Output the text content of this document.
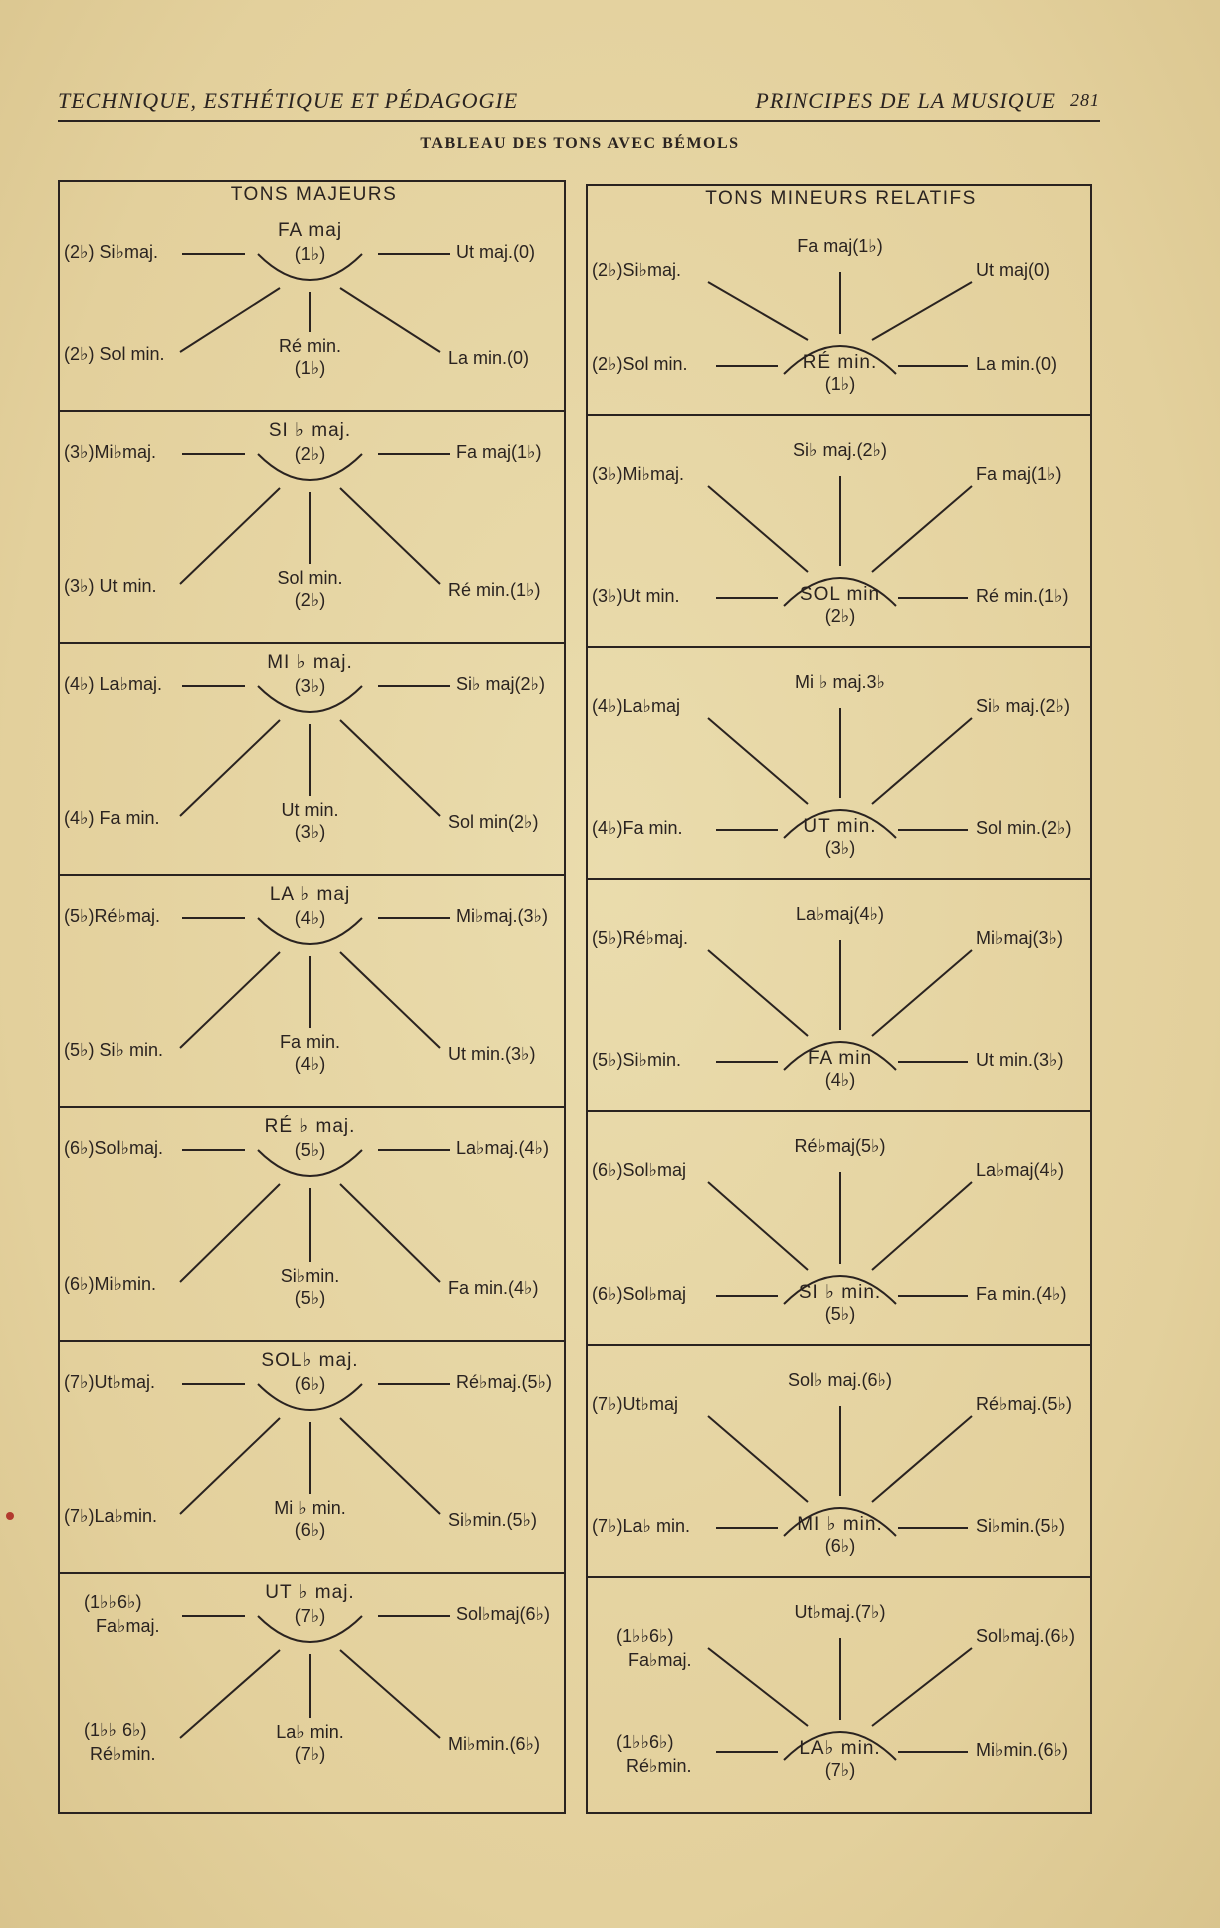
TECHNIQUE, ESTHÉTIQUE ET PÉDAGOGIE	PRINCIPES DE LA MUSIQUE 281
TABLEAU DES TONS AVEC BÉMOLS
TONS MAJEURS
FA maj
(1♭)
(2♭) Si♭maj.	Ut maj.(0)
(2♭) Sol min.	Ré min.
(1♭)	La min.(0)
SI ♭ maj.
(2♭)
(3♭)Mi♭maj.	Fa maj(1♭)
(3♭) Ut min.	Sol min.
(2♭)	Ré min.(1♭)
MI ♭ maj.
(3♭)
(4♭) La♭maj.	Si♭ maj(2♭)
(4♭) Fa min.	Ut min.
(3♭)	Sol min(2♭)
LA ♭ maj
(4♭)
(5♭)Ré♭maj.	Mi♭maj.(3♭)
(5♭) Si♭ min.	Fa min.
(4♭)	Ut min.(3♭)
RÉ ♭ maj.
(5♭)
(6♭)Sol♭maj.	La♭maj.(4♭)
(6♭)Mi♭min.	Si♭min.
(5♭)	Fa min.(4♭)
SOL♭ maj.
(6♭)
(7♭)Ut♭maj.	Ré♭maj.(5♭)
(7♭)La♭min.	Mi ♭ min.
(6♭)	Si♭min.(5♭)
UT ♭ maj.
(7♭)
(1♭♭6♭)
Fa♭maj.
Sol♭maj(6♭)
(1♭♭ 6♭)
Ré♭min.
La♭ min.
(7♭)	Mi♭min.(6♭)
TONS MINEURS RELATIFS
Fa maj(1♭)
(2♭)Si♭maj.	Ut maj(0)
(2♭)Sol min.	RÉ min.
(1♭)
La min.(0)
Si♭ maj.(2♭)
(3♭)Mi♭maj.	Fa maj(1♭)
(3♭)Ut min.	SOL min
(2♭)
Ré min.(1♭)
Mi ♭ maj.3♭
(4♭)La♭maj	Si♭ maj.(2♭)
(4♭)Fa min.	UT min.
(3♭)
Sol min.(2♭)
La♭maj(4♭)
(5♭)Ré♭maj.	Mi♭maj(3♭)
(5♭)Si♭min.	FA min
(4♭)
Ut min.(3♭)
Ré♭maj(5♭)
(6♭)Sol♭maj	La♭maj(4♭)
(6♭)Sol♭maj	SI ♭ min.
(5♭)
Fa min.(4♭)
Sol♭ maj.(6♭)
(7♭)Ut♭maj	Ré♭maj.(5♭)
(7♭)La♭ min.	MI ♭ min.
(6♭)
Si♭min.(5♭)
Ut♭maj.(7♭)
(1♭♭6♭)
Fa♭maj.
Sol♭maj.(6♭)
(1♭♭6♭)
Ré♭min.
LA♭ min.
(7♭)
Mi♭min.(6♭)
